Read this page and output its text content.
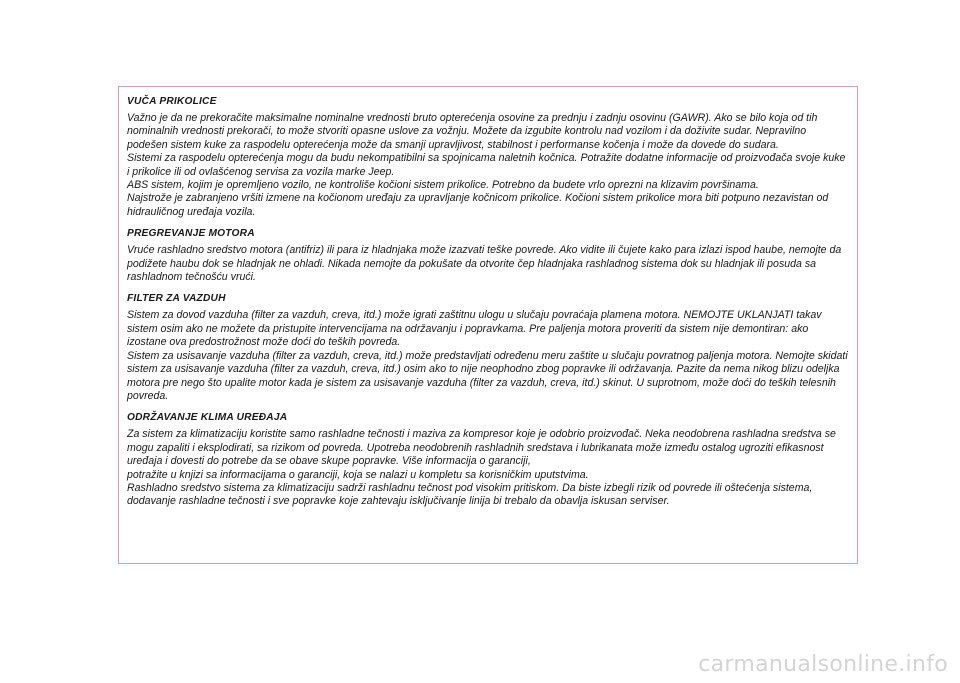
VUČA PRIKOLICE

Važno je da ne prekoračite maksimalne nominalne vrednosti bruto opterećenja osovine za prednju i zadnju osovinu (GAWR). Ako se bilo koja od tih nominalnih vrednosti prekorači, to može stvoriti opasne uslove za vožnju. Možete da izgubite kontrolu nad vozilom i da doživite sudar. Nepravilno podešen sistem kuke za raspodelu opterećenja može da smanji upravljivost, stabilnost i performanse kočenja i može da dovede do sudara.

Sistemi za raspodelu opterećenja mogu da budu nekompatibilni sa spojnicama naletnih kočnica. Potražite dodatne informacije od proizvođača svoje kuke i prikolice ili od ovlašćenog servisa za vozila marke Jeep.

ABS sistem, kojim je opremljeno vozilo, ne kontroliše kočioni sistem prikolice. Potrebno da budete vrlo oprezni na klizavim površinama.

Najstrože je zabranjeno vršiti izmene na kočionom uređaju za upravljanje kočnicom prikolice. Kočioni sistem prikolice mora biti potpuno nezavistan od hidrauličnog uređaja vozila.

PREGREVANJE MOTORA

Vruće rashladno sredstvo motora (antifriz) ili para iz hladnjaka može izazvati teške povrede. Ako vidite ili čujete kako para izlazi ispod haube, nemojte da podižete haubu dok se hladnjak ne ohladi. Nikada nemojte da pokušate da otvorite čep hladnjaka rashladnog sistema dok su hladnjak ili posuda sa rashladnom tečnošću vrući.

FILTER ZA VAZDUH

Sistem za dovod vazduha (filter za vazduh, creva, itd.) može igrati zaštitnu ulogu u slučaju povraćaja plamena motora. NEMOJTE UKLANJATI takav sistem osim ako ne možete da pristupite intervencijama na održavanju i popravkama. Pre paljenja motora proveriti da sistem nije demontiran: ako izostane ova predostrožnost može doći do teških povreda.

Sistem za usisavanje vazduha (filter za vazduh, creva, itd.) može predstavljati određenu meru zaštite u slučaju povratnog paljenja motora. Nemojte skidati sistem za usisavanje vazduha (filter za vazduh, creva, itd.) osim ako to nije neophodno zbog popravke ili održavanja. Pazite da nema nikog blizu odeljka motora pre nego što upalite motor kada je sistem za usisavanje vazduha (filter za vazduh, creva, itd.) skinut. U suprotnom, može doći do teških telesnih povreda.

ODRŽAVANJE KLIMA UREĐAJA

Za sistem za klimatizaciju koristite samo rashladne tečnosti i maziva za kompresor koje je odobrio proizvođač. Neka neodobrena rashladna sredstva se mogu zapaliti i eksplodirati, sa rizikom od povreda. Upotreba neodobrenih rashladnih sredstava i lubrikanata može između ostalog ugroziti efikasnost uređaja i dovesti do potrebe da se obave skupe popravke. Više informacija o garanciji,

potražite u knjizi sa informacijama o garanciji, koja se nalazi u kompletu sa korisničkim uputstvima.

Rashladno sredstvo sistema za klimatizaciju sadrži rashladnu tečnost pod visokim pritiskom. Da biste izbegli rizik od povrede ili oštećenja sistema, dodavanje rashladne tečnosti i sve popravke koje zahtevaju isključivanje linija bi trebalo da obavlja iskusan serviser.

carmanualsonline.info
